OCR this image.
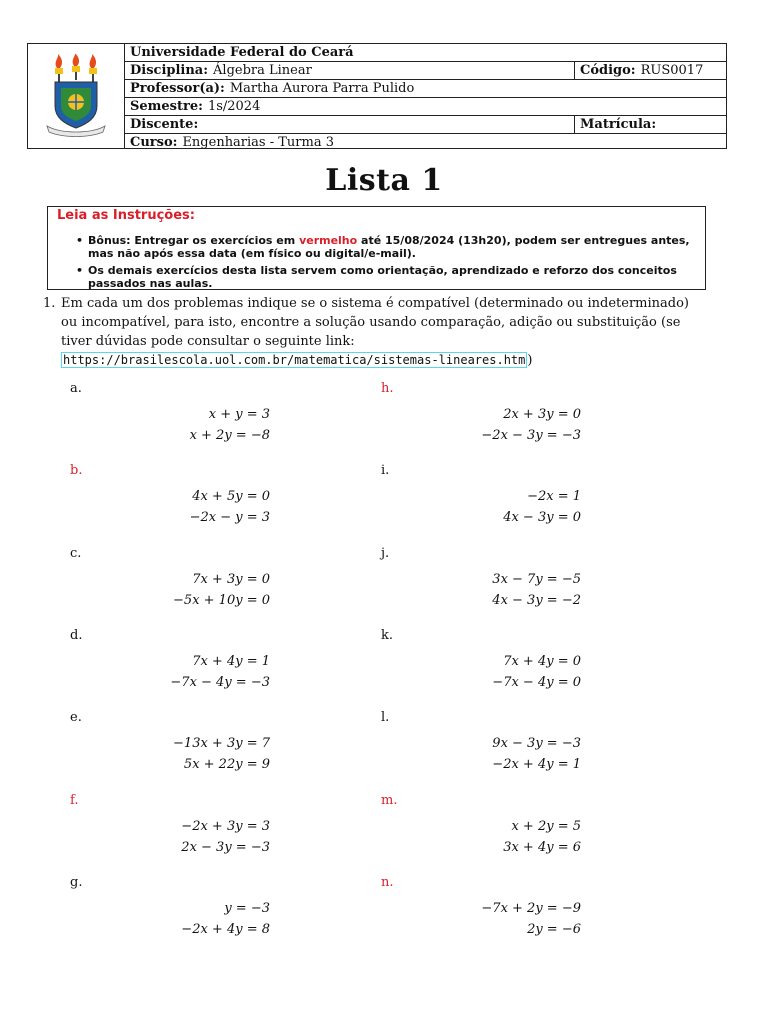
Universidade Federal do Ceará
Disciplina: Álgebra Linear	Código: RUS0017
Professor(a): Martha Aurora Parra Pulido
Semestre: 1s/2024
Discente:	Matrícula:
Curso: Engenharias - Turma 3
Lista 1
Leia as Instruções:
• Bônus: Entregar os exercícios em vermelho até 15/08/2024 (13h20), podem ser entregues antes, mas não após essa data (em físico ou digital/e-mail).
• Os demais exercícios desta lista servem como orientação, aprendizado e reforzo dos conceitos passados nas aulas.
1. Em cada um dos problemas indique se o sistema é compatível (determinado ou indeterminado) ou incompatível, para isto, encontre a solução usando comparação, adição ou substituição (se tiver dúvidas pode consultar o seguinte link: https://brasilescola.uol.com.br/matematica/sistemas-lineares.htm )
a.
x + y = 3
x + 2y = −8
b.
4x + 5y = 0
−2x − y = 3
c.
7x + 3y = 0
−5x + 10y = 0
d.
7x + 4y = 1
−7x − 4y = −3
e.
−13x + 3y = 7
5x + 22y = 9
f.
−2x + 3y = 3
2x − 3y = −3
g.
y = −3
−2x + 4y = 8
h.
2x + 3y = 0
−2x − 3y = −3
i.
−2x = 1
4x − 3y = 0
j.
3x − 7y = −5
4x − 3y = −2
k.
7x + 4y = 0
−7x − 4y = 0
l.
9x − 3y = −3
−2x + 4y = 1
m.
x + 2y = 5
3x + 4y = 6
n.
−7x + 2y = −9
2y = −6
